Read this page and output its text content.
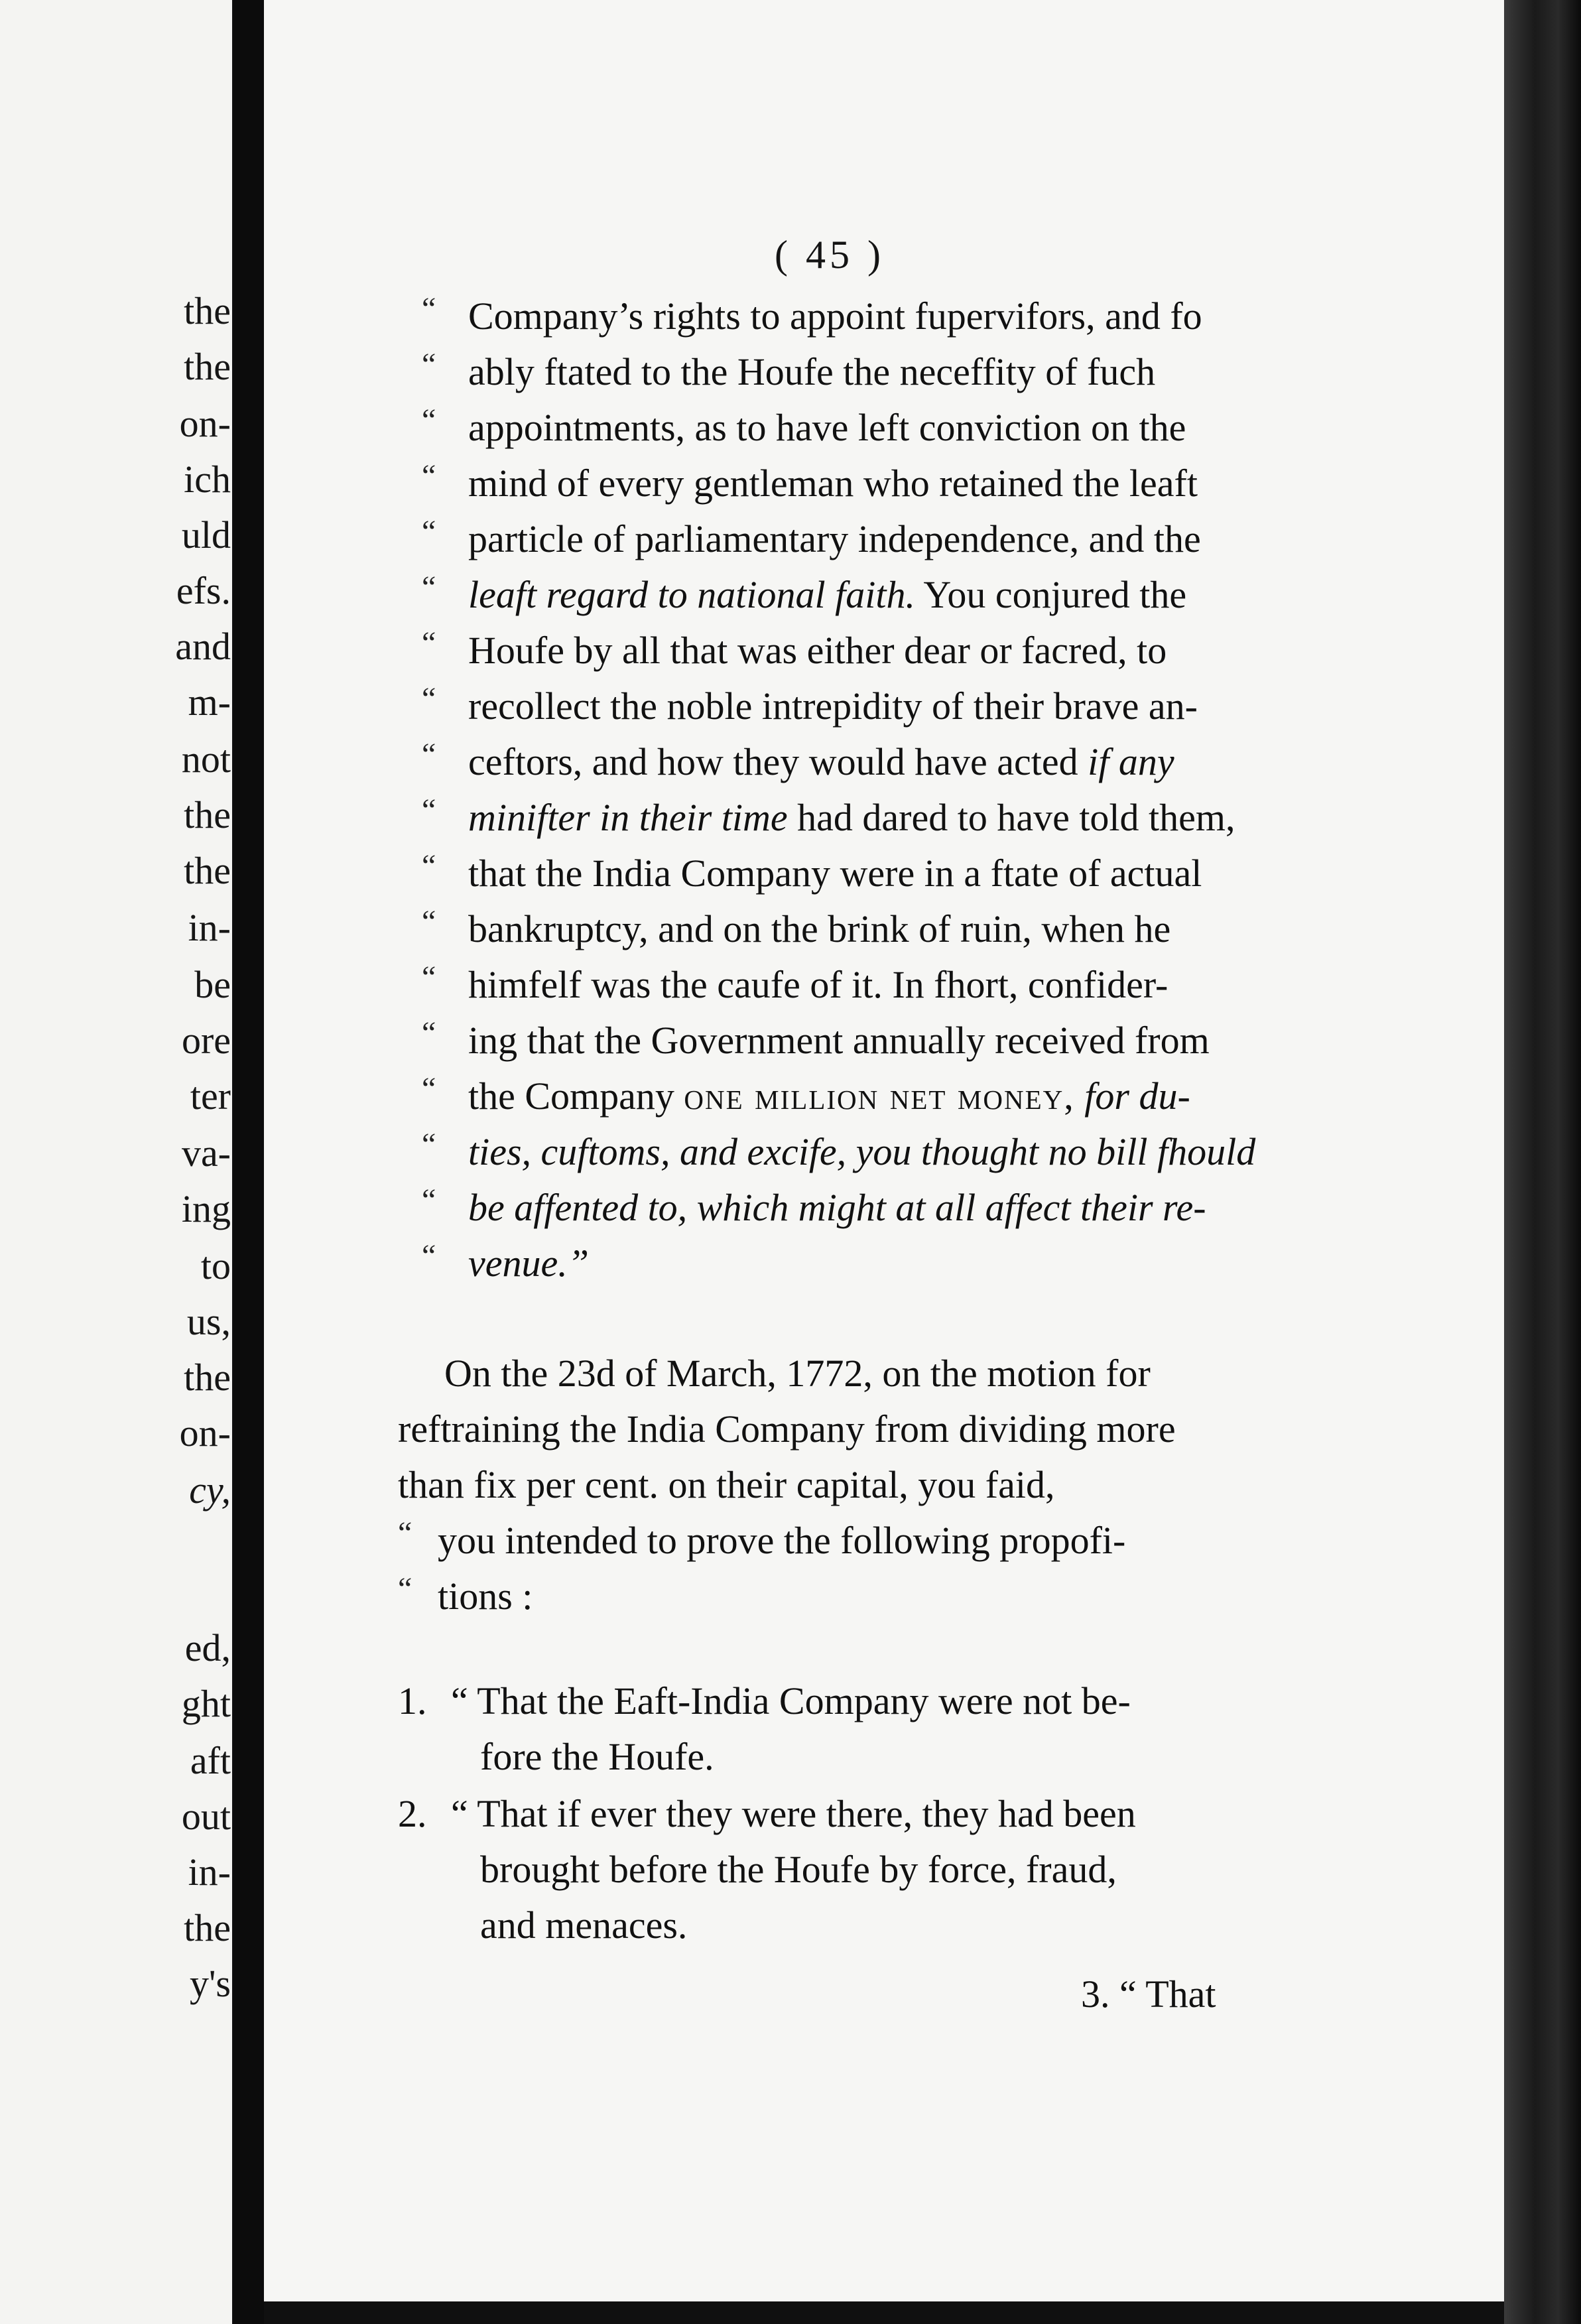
the
the
on-
ich
uld
efs.
and
m-
not
the
the
in-
be
ore
ter
va-
ing
to
us,
the
on-
cy,
ed,
ght
aft
out
in-
the
y's
( 45 )
“ Company’s rights to appoint fupervifors, and fo
“ ably ftated to the Houfe the neceffity of fuch
“ appointments, as to have left conviction on the
“ mind of every gentleman who retained the leaft
“ particle of parliamentary independence, and the
“ leaft regard to national faith. You conjured the
“ Houfe by all that was either dear or facred, to
“ recollect the noble intrepidity of their brave an-
“ ceftors, and how they would have acted if any
“ minifter in their time had dared to have told them,
“ that the India Company were in a ftate of actual
“ bankruptcy, and on the brink of ruin, when he
“ himfelf was the caufe of it. In fhort, confider-
“ ing that the Government annually received from
“ the Company one million net money, for du-
“ ties, cuftoms, and excife, you thought no bill fhould
“ be affented to, which might at all affect their re-
“ venue.”
On the 23d of March, 1772, on the motion for
reftraining the India Company from dividing more
than fix per cent. on their capital, you faid,
“ you intended to prove the following propofi-
“ tions :
1. “ That the Eaft-India Company were not be-
fore the Houfe.
2. “ That if ever they were there, they had been
brought before the Houfe by force, fraud,
and menaces.
3. “ That
